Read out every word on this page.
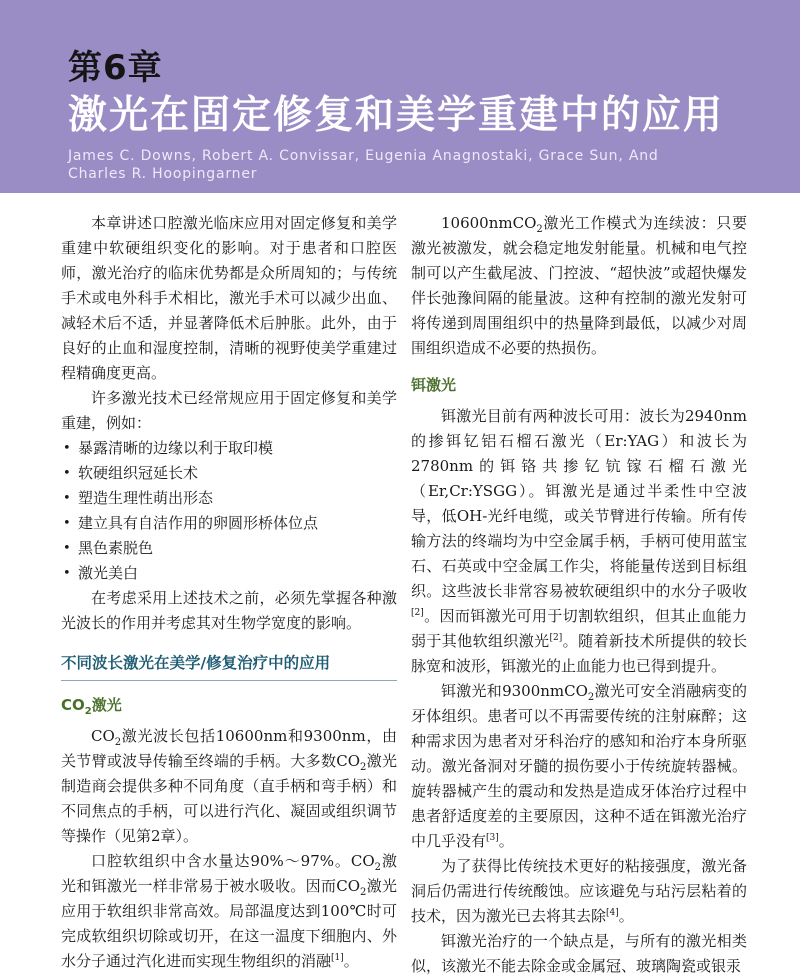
第6章
激光在固定修复和美学重建中的应用
James C. Downs, Robert A. Convissar, Eugenia Anagnostaki, Grace Sun, And
Charles R. Hoopingarner

本章讲述口腔激光临床应用对固定修复和美学重建中软硬组织变化的影响。对于患者和口腔医师，激光治疗的临床优势都是众所周知的；与传统手术或电外科手术相比，激光手术可以减少出血、减轻术后不适，并显著降低术后肿胀。此外，由于良好的止血和湿度控制，清晰的视野使美学重建过程精确度更高。

许多激光技术已经常规应用于固定修复和美学重建，例如：

• 暴露清晰的边缘以利于取印模
• 软硬组织冠延长术
• 塑造生理性萌出形态
• 建立具有自洁作用的卵圆形桥体位点
• 黑色素脱色
• 激光美白

在考虑采用上述技术之前，必须先掌握各种激光波长的作用并考虑其对生物学宽度的影响。

不同波长激光在美学/修复治疗中的应用
$CO_2$激光

$CO_2$激光波长包括10600nm和9300nm，由关节臂或波导传输至终端的手柄。大多数$CO_2$激光制造商会提供多种不同角度（直手柄和弯手柄）和不同焦点的手柄，可以进行汽化、凝固或组织调节等操作（见第2章）。

口腔软组织中含水量达90%～97%。$CO_2$激光和铒激光一样非常易于被水吸收。因而$CO_2$激光应用于软组织非常高效。局部温度达到100℃时可完成软组织切除或切开，在这一温度下细胞内、外水分子通过汽化进而实现生物组织的消融[1]。

10600nmCO$_2$激光工作模式为连续波：只要激光被激发，就会稳定地发射能量。机械和电气控制可以产生截尾波、门控波、“超快波”或超快爆发伴长弛豫间隔的能量波。这种有控制的激光发射可将传递到周围组织中的热量降到最低，以减少对周围组织造成不必要的热损伤。

铒激光

铒激光目前有两种波长可用：波长为2940nm的掺铒钇铝石榴石激光（Er:YAG）和波长为2780nm的铒铬共掺钇钪镓石榴石激光（Er,Cr:YSGG）。铒激光是通过半柔性中空波导，低OH-光纤电缆，或关节臂进行传输。所有传输方法的终端均为中空金属手柄，手柄可使用蓝宝石、石英或中空金属工作尖，将能量传送到目标组织。这些波长非常容易被软硬组织中的水分子吸收[2]。因而铒激光可用于切割软组织，但其止血能力弱于其他软组织激光[2]。随着新技术所提供的较长脉宽和波形，铒激光的止血能力也已得到提升。

铒激光和9300nmCO$_2$激光可安全消融病变的牙体组织。患者可以不再需要传统的注射麻醉；这种需求因为患者对牙科治疗的感知和治疗本身所驱动。激光备洞对牙髓的损伤要小于传统旋转器械。旋转器械产生的震动和发热是造成牙体治疗过程中患者舒适度差的主要原因，这种不适在铒激光治疗中几乎没有[3]。

为了获得比传统技术更好的粘接强度，激光备洞后仍需进行传统酸蚀。应该避免与玷污层粘着的技术，因为激光已去将其去除[4]。

铒激光治疗的一个缺点是，与所有的激光相类似，该激光不能去除金或金属冠、玻璃陶瓷或银汞
